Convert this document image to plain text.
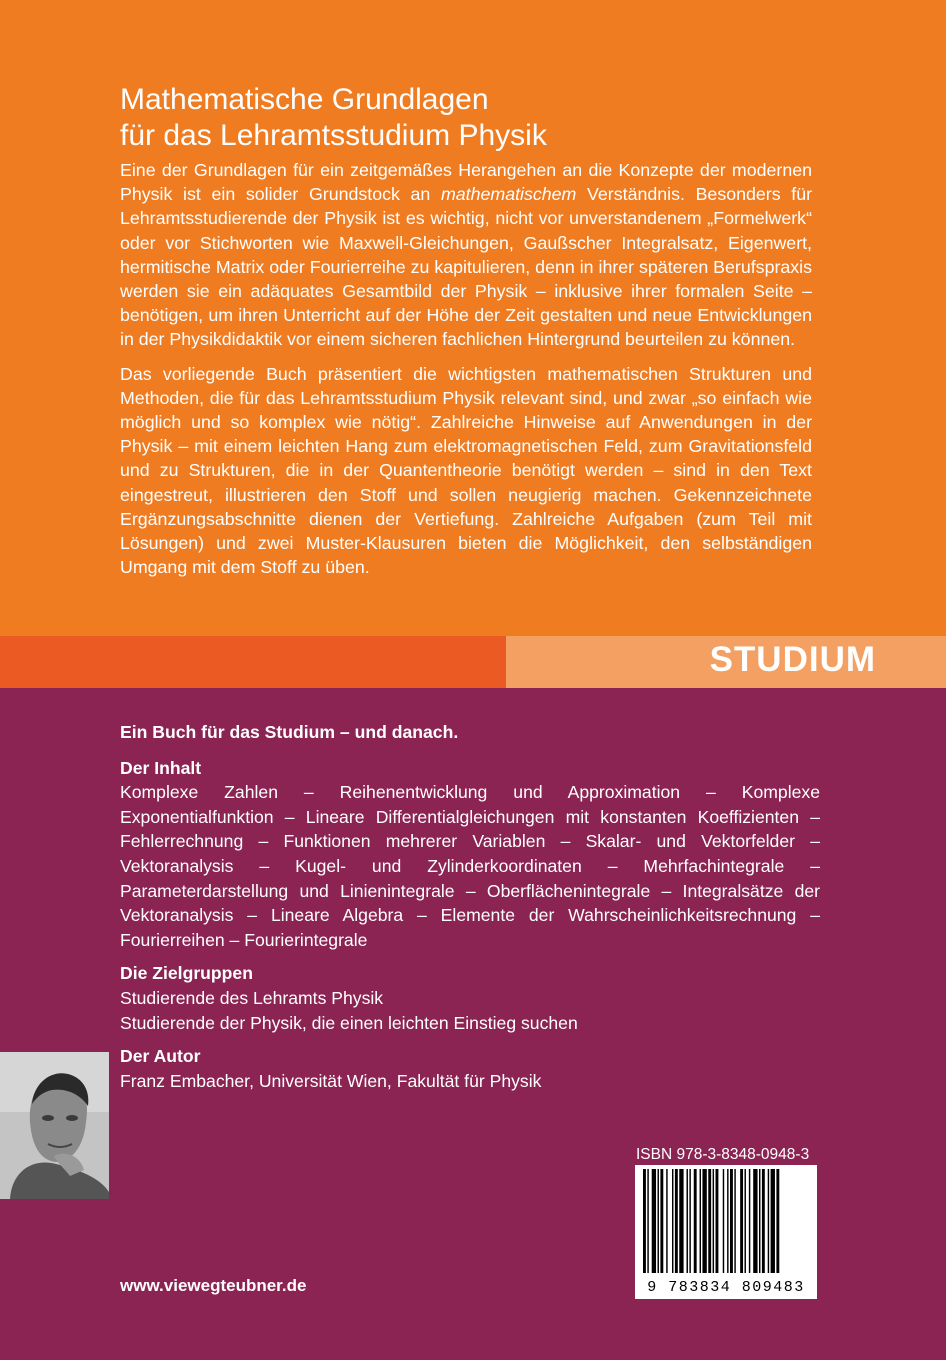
Mathematische Grundlagen
für das Lehramtsstudium Physik

Eine der Grundlagen für ein zeitgemäßes Herangehen an die Konzepte der modernen Physik ist ein solider Grundstock an mathematischem Verständnis. Besonders für Lehramtsstudierende der Physik ist es wichtig, nicht vor unverstandenem „Formelwerk“ oder vor Stichworten wie Maxwell-Gleichungen, Gaußscher Integralsatz, Eigenwert, hermitische Matrix oder Fourierreihe zu kapitulieren, denn in ihrer späteren Berufspraxis werden sie ein adäquates Gesamtbild der Physik – inklusive ihrer formalen Seite – benötigen, um ihren Unterricht auf der Höhe der Zeit gestalten und neue Entwicklungen in der Physikdidaktik vor einem sicheren fachlichen Hintergrund beurteilen zu können.

Das vorliegende Buch präsentiert die wichtigsten mathematischen Strukturen und Methoden, die für das Lehramtsstudium Physik relevant sind, und zwar „so einfach wie möglich und so komplex wie nötig“. Zahlreiche Hinweise auf Anwendungen in der Physik – mit einem leichten Hang zum elektromagnetischen Feld, zum Gravitationsfeld und zu Strukturen, die in der Quantentheorie benötigt werden – sind in den Text eingestreut, illustrieren den Stoff und sollen neugierig machen. Gekennzeichnete Ergänzungsabschnitte dienen der Vertiefung. Zahlreiche Aufgaben (zum Teil mit Lösungen) und zwei Muster-Klausuren bieten die Möglichkeit, den selbständigen Umgang mit dem Stoff zu üben.

STUDIUM
Ein Buch für das Studium – und danach.
Der Inhalt
Komplexe Zahlen – Reihenentwicklung und Approximation – Komplexe Exponentialfunktion – Lineare Differentialgleichungen mit konstanten Koeffizienten – Fehlerrechnung – Funktionen mehrerer Variablen – Skalar- und Vektorfelder – Vektoranalysis – Kugel- und Zylinderkoordinaten – Mehrfachintegrale – Parameterdarstellung und Linienintegrale – Oberflächenintegrale – Integralsätze der Vektoranalysis – Lineare Algebra – Elemente der Wahrscheinlichkeitsrechnung – Fourierreihen – Fourierintegrale
Die Zielgruppen
Studierende des Lehramts Physik
Studierende der Physik, die einen leichten Einstieg suchen
Der Autor
Franz Embacher, Universität Wien, Fakultät für Physik
ISBN 978-3-8348-0948-3
9 783834 809483
www.viewegteubner.de
